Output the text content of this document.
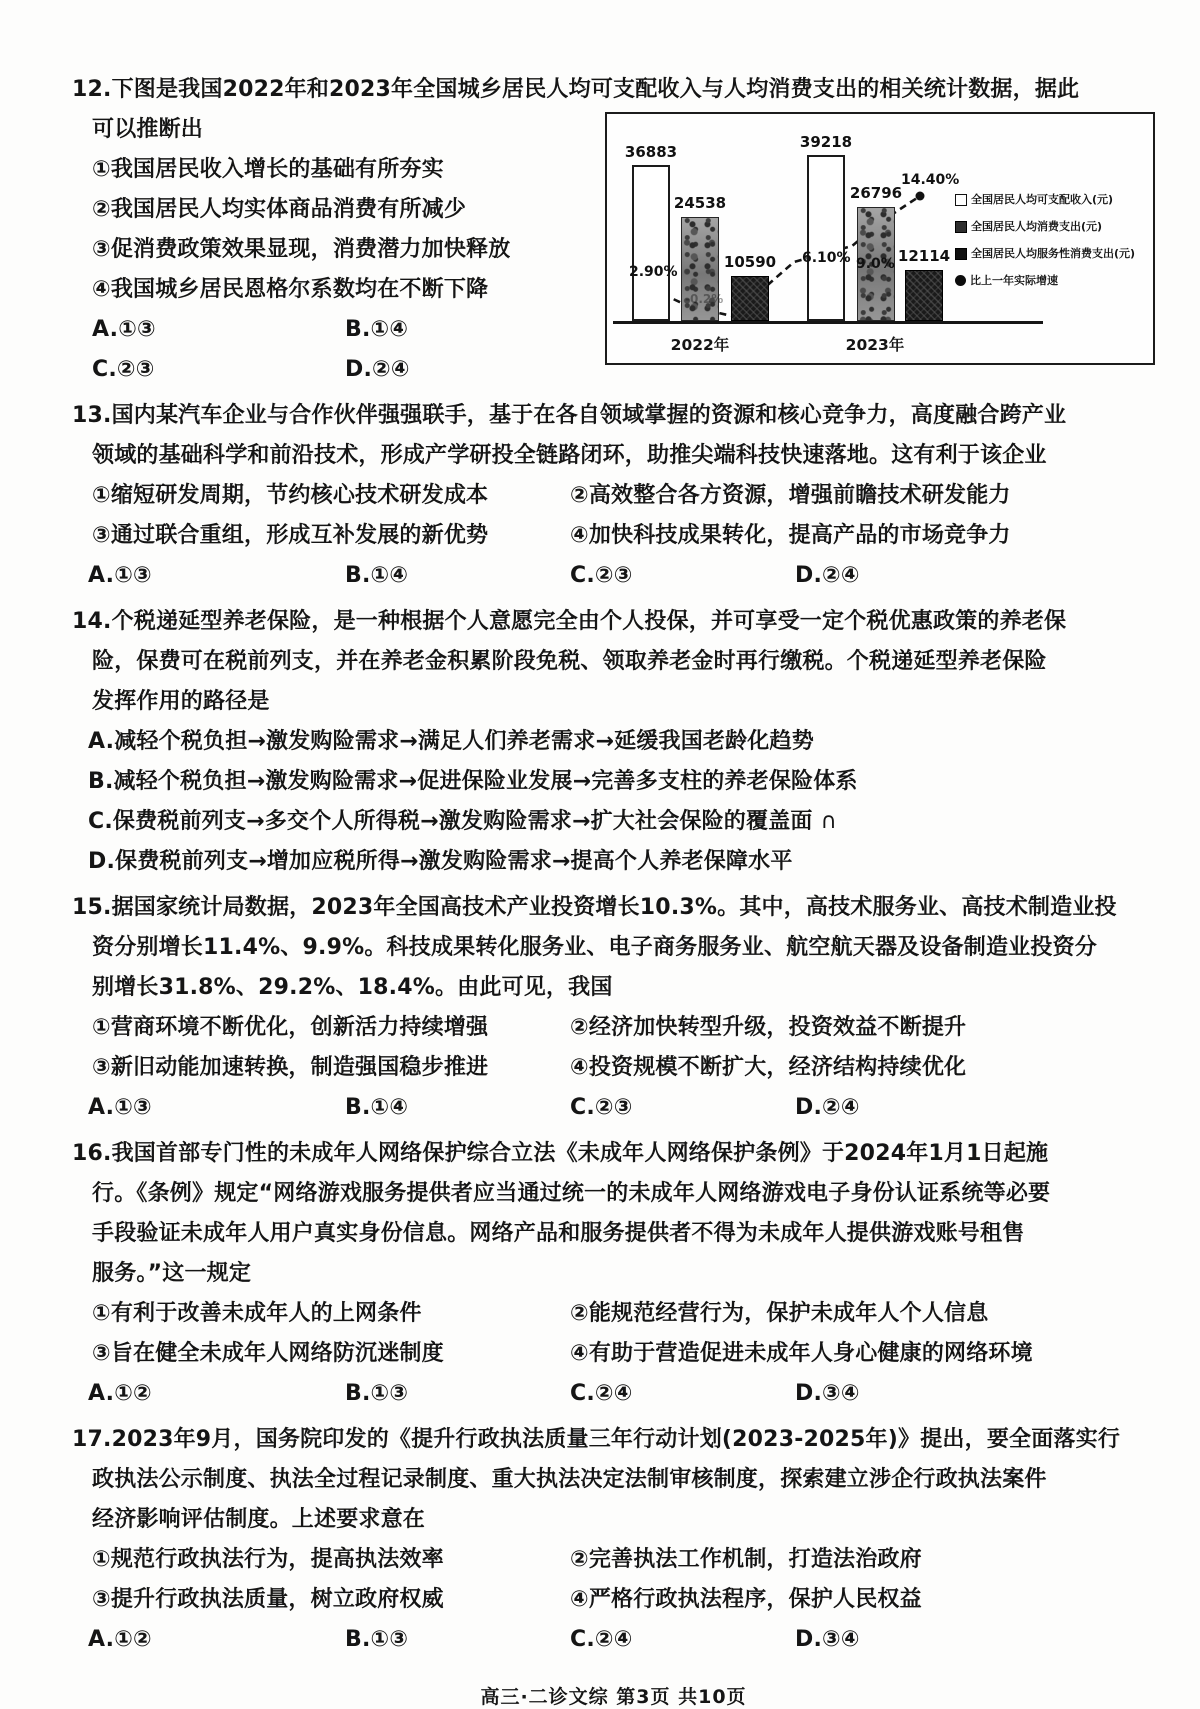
12.下图是我国2022年和2023年全国城乡居民人均可支配收入与人均消费支出的相关统计数据，据此
可以推断出
①我国居民收入增长的基础有所夯实
②我国居民人均实体商品消费有所减少
③促消费政策效果显现，消费潜力加快释放
④我国城乡居民恩格尔系数均在不断下降
A.①③	B.①④
C.②③	D.②④
36883
24538
10590
2022年
39218
26796
12114
2023年
2.90%
-0.2%
6.10% 9.0%
14.40%
全国居民人均可支配收入(元)
全国居民人均消费支出(元)
全国居民人均服务性消费支出(元)
比上一年实际增速
13.国内某汽车企业与合作伙伴强强联手，基于在各自领域掌握的资源和核心竞争力，高度融合跨产业
领域的基础科学和前沿技术，形成产学研投全链路闭环，助推尖端科技快速落地。这有利于该企业
①缩短研发周期，节约核心技术研发成本	②高效整合各方资源，增强前瞻技术研发能力
③通过联合重组，形成互补发展的新优势	④加快科技成果转化，提高产品的市场竞争力
A.①③	B.①④	C.②③	D.②④
14.个税递延型养老保险，是一种根据个人意愿完全由个人投保，并可享受一定个税优惠政策的养老保
险，保费可在税前列支，并在养老金积累阶段免税、领取养老金时再行缴税。个税递延型养老保险
发挥作用的路径是
A.减轻个税负担→激发购险需求→满足人们养老需求→延缓我国老龄化趋势
B.减轻个税负担→激发购险需求→促进保险业发展→完善多支柱的养老保险体系
C.保费税前列支→多交个人所得税→激发购险需求→扩大社会保险的覆盖面 ∩
D.保费税前列支→增加应税所得→激发购险需求→提高个人养老保障水平
15.据国家统计局数据，2023年全国高技术产业投资增长10.3%。其中，高技术服务业、高技术制造业投
资分别增长11.4%、9.9%。科技成果转化服务业、电子商务服务业、航空航天器及设备制造业投资分
别增长31.8%、29.2%、18.4%。由此可见，我国
①营商环境不断优化，创新活力持续增强	②经济加快转型升级，投资效益不断提升
③新旧动能加速转换，制造强国稳步推进	④投资规模不断扩大，经济结构持续优化
A.①③	B.①④	C.②③	D.②④
16.我国首部专门性的未成年人网络保护综合立法《未成年人网络保护条例》于2024年1月1日起施
行。《条例》规定“网络游戏服务提供者应当通过统一的未成年人网络游戏电子身份认证系统等必要
手段验证未成年人用户真实身份信息。网络产品和服务提供者不得为未成年人提供游戏账号租售
服务。”这一规定
①有利于改善未成年人的上网条件	②能规范经营行为，保护未成年人个人信息
③旨在健全未成年人网络防沉迷制度	④有助于营造促进未成年人身心健康的网络环境
A.①②	B.①③	C.②④	D.③④
17.2023年9月，国务院印发的《提升行政执法质量三年行动计划(2023-2025年)》提出，要全面落实行
政执法公示制度、执法全过程记录制度、重大执法决定法制审核制度，探索建立涉企行政执法案件
经济影响评估制度。上述要求意在
①规范行政执法行为，提高执法效率	②完善执法工作机制，打造法治政府
③提升行政执法质量，树立政府权威	④严格行政执法程序，保护人民权益
A.①②	B.①③	C.②④	D.③④
高三·二诊文综 第3页 共10页
